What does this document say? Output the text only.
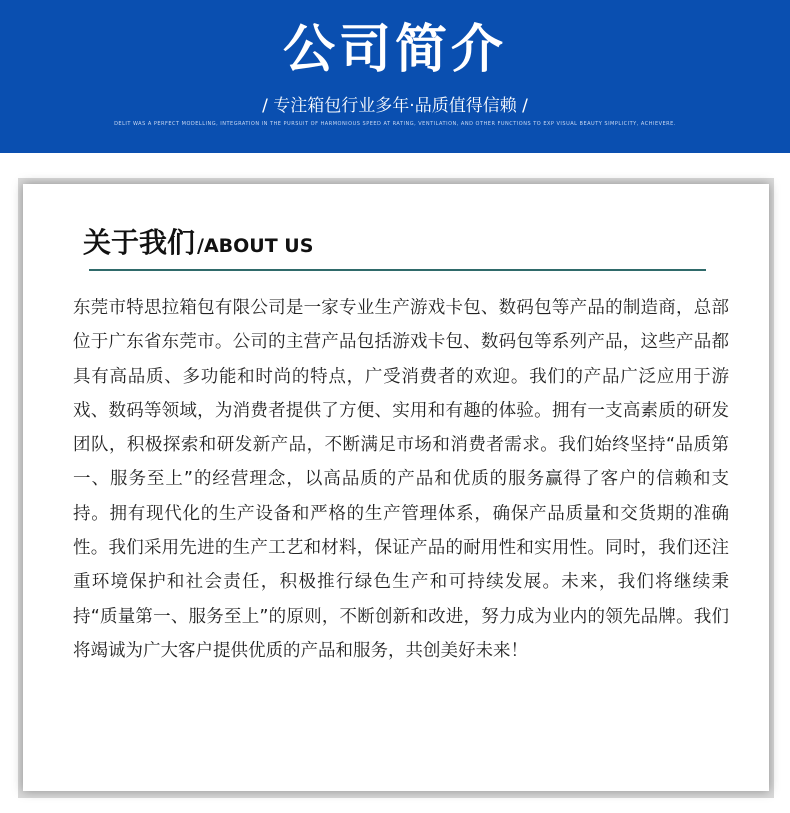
公司简介
/ 专注箱包行业多年·品质值得信赖 /
DELIT WAS A PERFECT MODELLING, INTEGRATION IN THE PURSUIT OF HARMONIOUS SPEED AT RATING, VENTILATION, AND OTHER FUNCTIONS TO EXP VISUAL BEAUTY SIMPLICITY, ACHIEVERE.
关于我们 /ABOUT US
东莞市特思拉箱包有限公司是一家专业生产游戏卡包、数码包等产品的制造商，总部位于广东省东莞市。公司的主营产品包括游戏卡包、数码包等系列产品，这些产品都具有高品质、多功能和时尚的特点，广受消费者的欢迎。我们的产品广泛应用于游戏、数码等领域，为消费者提供了方便、实用和有趣的体验。拥有一支高素质的研发团队，积极探索和研发新产品，不断满足市场和消费者需求。我们始终坚持“品质第一、服务至上”的经营理念，以高品质的产品和优质的服务赢得了客户的信赖和支持。拥有现代化的生产设备和严格的生产管理体系，确保产品质量和交货期的准确性。我们采用先进的生产工艺和材料，保证产品的耐用性和实用性。同时，我们还注重环境保护和社会责任，积极推行绿色生产和可持续发展。未来，我们将继续秉持“质量第一、服务至上”的原则，不断创新和改进，努力成为业内的领先品牌。我们将竭诚为广大客户提供优质的产品和服务，共创美好未来！
